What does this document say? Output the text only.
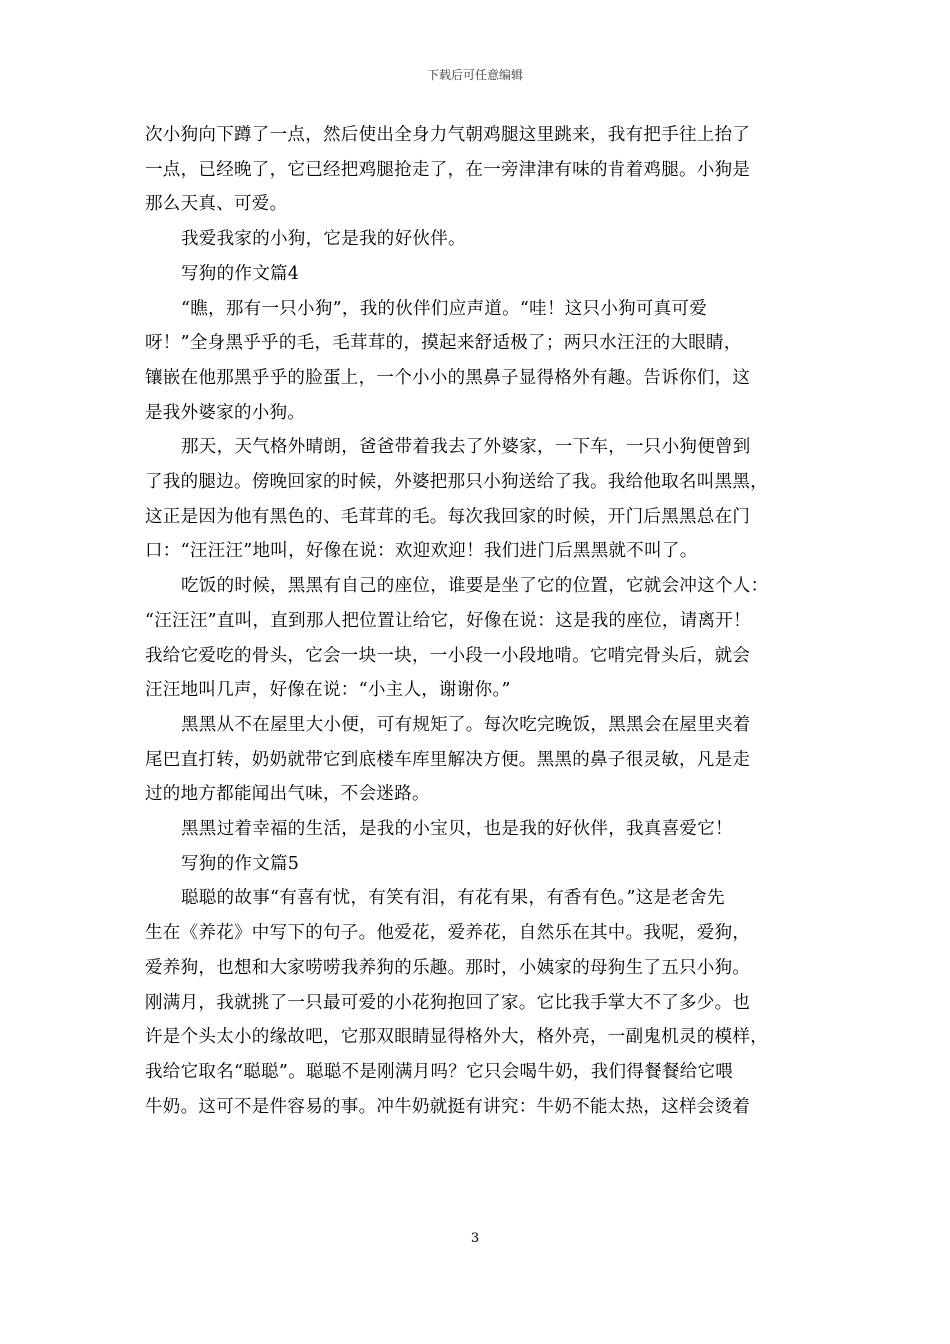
下载后可任意编辑
次小狗向下蹲了一点，然后使出全身力气朝鸡腿这里跳来，我有把手往上抬了
一点，已经晚了，它已经把鸡腿抢走了，在一旁津津有味的肯着鸡腿。小狗是
那么天真、可爱。
我爱我家的小狗，它是我的好伙伴。
写狗的作文篇4
“瞧，那有一只小狗”，我的伙伴们应声道。“哇！这只小狗可真可爱
呀！”全身黑乎乎的毛，毛茸茸的，摸起来舒适极了；两只水汪汪的大眼睛，
镶嵌在他那黑乎乎的脸蛋上，一个小小的黑鼻子显得格外有趣。告诉你们，这
是我外婆家的小狗。
那天，天气格外晴朗，爸爸带着我去了外婆家，一下车，一只小狗便曾到
了我的腿边。傍晚回家的时候，外婆把那只小狗送给了我。我给他取名叫黑黑，
这正是因为他有黑色的、毛茸茸的毛。每次我回家的时候，开门后黑黑总在门
口：“汪汪汪”地叫，好像在说：欢迎欢迎！我们进门后黑黑就不叫了。
吃饭的时候，黑黑有自己的座位，谁要是坐了它的位置，它就会冲这个人：
“汪汪汪”直叫，直到那人把位置让给它，好像在说：这是我的座位，请离开！
我给它爱吃的骨头，它会一块一块，一小段一小段地啃。它啃完骨头后，就会
汪汪地叫几声，好像在说：“小主人，谢谢你。”
黑黑从不在屋里大小便，可有规矩了。每次吃完晚饭，黑黑会在屋里夹着
尾巴直打转，奶奶就带它到底楼车库里解决方便。黑黑的鼻子很灵敏，凡是走
过的地方都能闻出气味，不会迷路。
黑黑过着幸福的生活，是我的小宝贝，也是我的好伙伴，我真喜爱它！
写狗的作文篇5
聪聪的故事“有喜有忧，有笑有泪，有花有果，有香有色。”这是老舍先
生在《养花》中写下的句子。他爱花，爱养花，自然乐在其中。我呢，爱狗，
爱养狗，也想和大家唠唠我养狗的乐趣。那时，小姨家的母狗生了五只小狗。
刚满月，我就挑了一只最可爱的小花狗抱回了家。它比我手掌大不了多少。也
许是个头太小的缘故吧，它那双眼睛显得格外大，格外亮，一副鬼机灵的模样，
我给它取名“聪聪”。聪聪不是刚满月吗？它只会喝牛奶，我们得餐餐给它喂
牛奶。这可不是件容易的事。冲牛奶就挺有讲究：牛奶不能太热，这样会烫着
3
